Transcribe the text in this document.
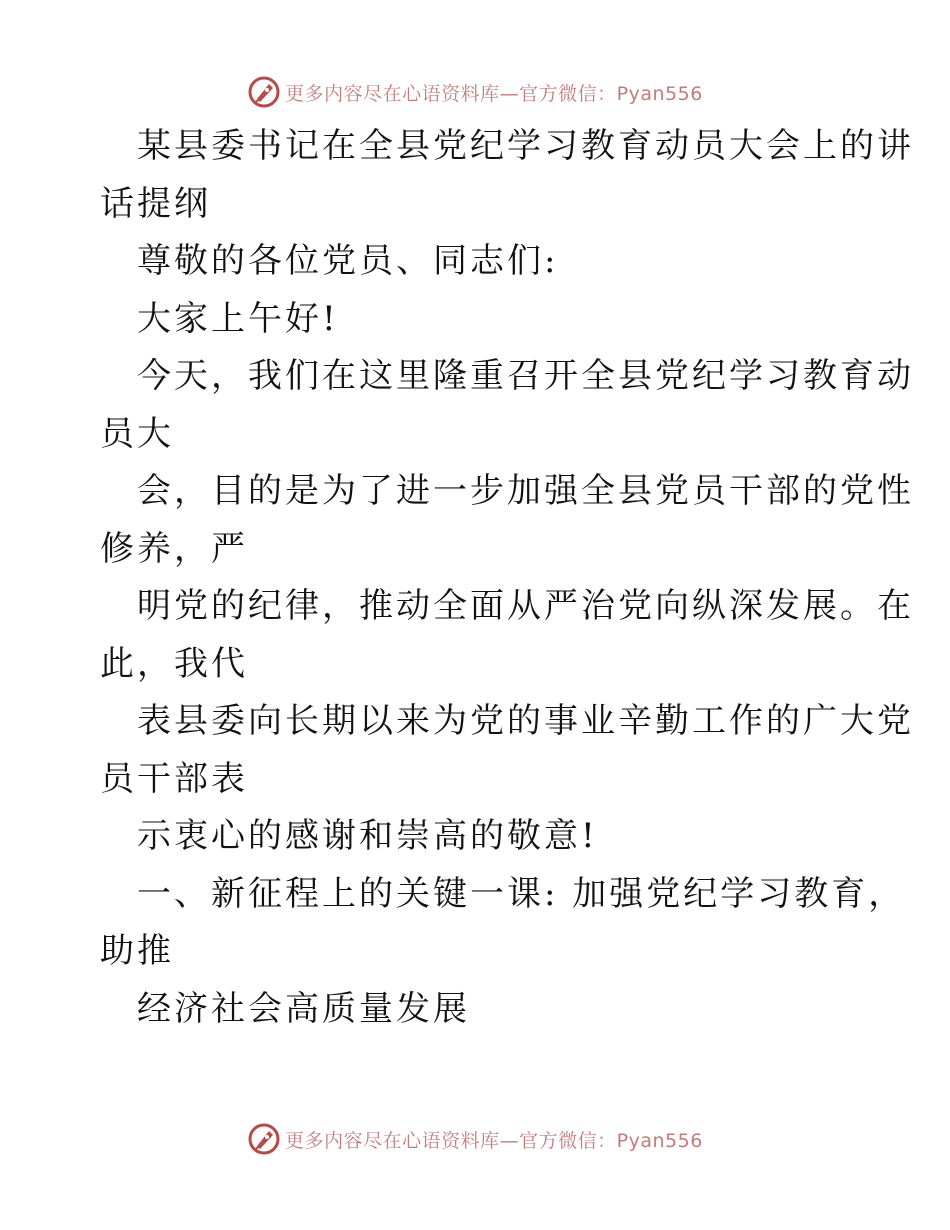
更多内容尽在心语资料库—官方微信：Pyan556
某县委书记在全县党纪学习教育动员大会上的讲
话提纲
尊敬的各位党员、同志们:
大家上午好!
今天，我们在这里隆重召开全县党纪学习教育动
员大
会，目的是为了进一步加强全县党员干部的党性
修养，严
明党的纪律，推动全面从严治党向纵深发展。在
此，我代
表县委向长期以来为党的事业辛勤工作的广大党
员干部表
示衷心的感谢和崇高的敬意!
一、新征程上的关键一课: 加强党纪学习教育，
助推
经济社会高质量发展
更多内容尽在心语资料库—官方微信：Pyan556
